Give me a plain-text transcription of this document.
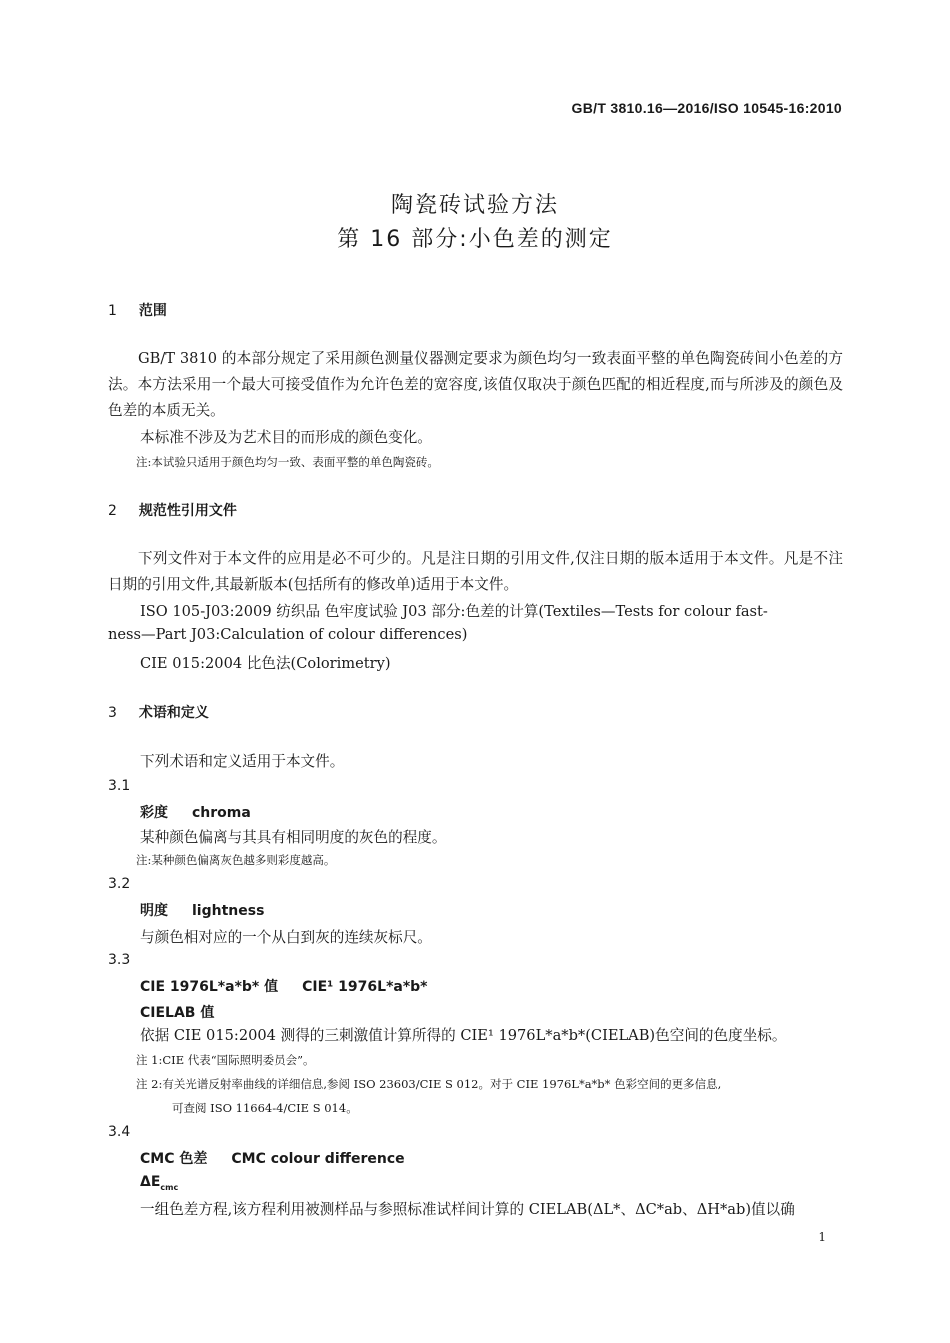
GB/T 3810.16—2016/ISO 10545-16:2010
陶瓷砖试验方法
第 16 部分:小色差的测定
1 范围
GB/T 3810 的本部分规定了采用颜色测量仪器测定要求为颜色均匀一致表面平整的单色陶瓷砖间小色差的方法。本方法采用一个最大可接受值作为允许色差的宽容度,该值仅取决于颜色匹配的相近程度,而与所涉及的颜色及色差的本质无关。
本标准不涉及为艺术目的而形成的颜色变化。
注:本试验只适用于颜色均匀一致、表面平整的单色陶瓷砖。
2 规范性引用文件
下列文件对于本文件的应用是必不可少的。凡是注日期的引用文件,仅注日期的版本适用于本文件。凡是不注日期的引用文件,其最新版本(包括所有的修改单)适用于本文件。
ISO 105-J03:2009 纺织品 色牢度试验 J03 部分:色差的计算(Textiles—Tests for colour fast-
ness—Part J03:Calculation of colour differences)
CIE 015:2004 比色法(Colorimetry)
3 术语和定义
下列术语和定义适用于本文件。
3.1
彩度 chroma
某种颜色偏离与其具有相同明度的灰色的程度。
注:某种颜色偏离灰色越多则彩度越高。
3.2
明度 lightness
与颜色相对应的一个从白到灰的连续灰标尺。
3.3
CIE 1976L*a*b* 值 CIE¹ 1976L*a*b*
CIELAB 值
依据 CIE 015:2004 测得的三刺激值计算所得的 CIE¹ 1976L*a*b*(CIELAB)色空间的色度坐标。
注 1:CIE 代表“国际照明委员会”。
注 2:有关光谱反射率曲线的详细信息,参阅 ISO 23603/CIE S 012。对于 CIE 1976L*a*b* 色彩空间的更多信息,
可查阅 ISO 11664-4/CIE S 014。
3.4
CMC 色差 CMC colour difference
$\Delta E_{cmc}$
一组色差方程,该方程利用被测样品与参照标准试样间计算的 CIELAB(ΔL*、ΔC*ab、ΔH*ab)值以确
1
